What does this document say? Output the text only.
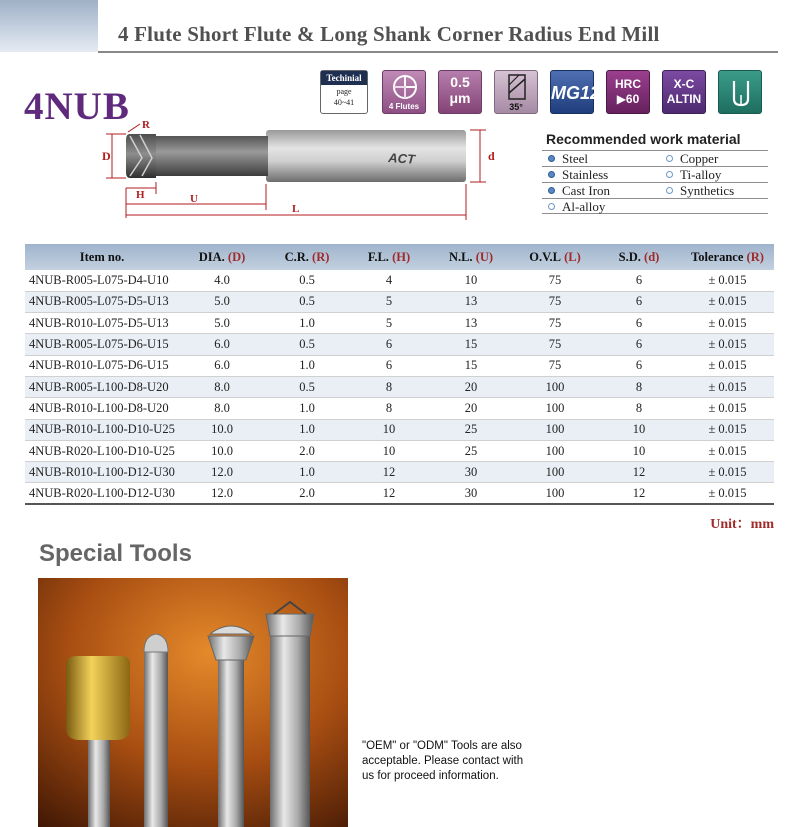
4 Flute Short Flute & Long Shank Corner Radius End Mill
4NUB
Techinial
page
40~41	4 Flutes
0.5
μm
35°
MG12	HRC
▶60
X-C
ALTIN
ACT
D	d
R
H	U
L
Recommended work material
Steel	Copper
Stainless	Ti-alloy
Cast Iron	Synthetics
Al-alloy
Item no.	DIA. (D)	C.R. (R)	F.L. (H)	N.L. (U)	O.V.L (L)	S.D. (d)	Tolerance (R)
4NUB-R005-L075-D4-U10	4.0	0.5	4	10	75	6	± 0.015
4NUB-R005-L075-D5-U13	5.0	0.5	5	13	75	6	± 0.015
4NUB-R010-L075-D5-U13	5.0	1.0	5	13	75	6	± 0.015
4NUB-R005-L075-D6-U15	6.0	0.5	6	15	75	6	± 0.015
4NUB-R010-L075-D6-U15	6.0	1.0	6	15	75	6	± 0.015
4NUB-R005-L100-D8-U20	8.0	0.5	8	20	100	8	± 0.015
4NUB-R010-L100-D8-U20	8.0	1.0	8	20	100	8	± 0.015
4NUB-R010-L100-D10-U25	10.0	1.0	10	25	100	10	± 0.015
4NUB-R020-L100-D10-U25	10.0	2.0	10	25	100	10	± 0.015
4NUB-R010-L100-D12-U30	12.0	1.0	12	30	100	12	± 0.015
4NUB-R020-L100-D12-U30	12.0	2.0	12	30	100	12	± 0.015
Unit：mm
Special Tools
"OEM" or "ODM" Tools are also acceptable. Please contact with us for proceed information.
